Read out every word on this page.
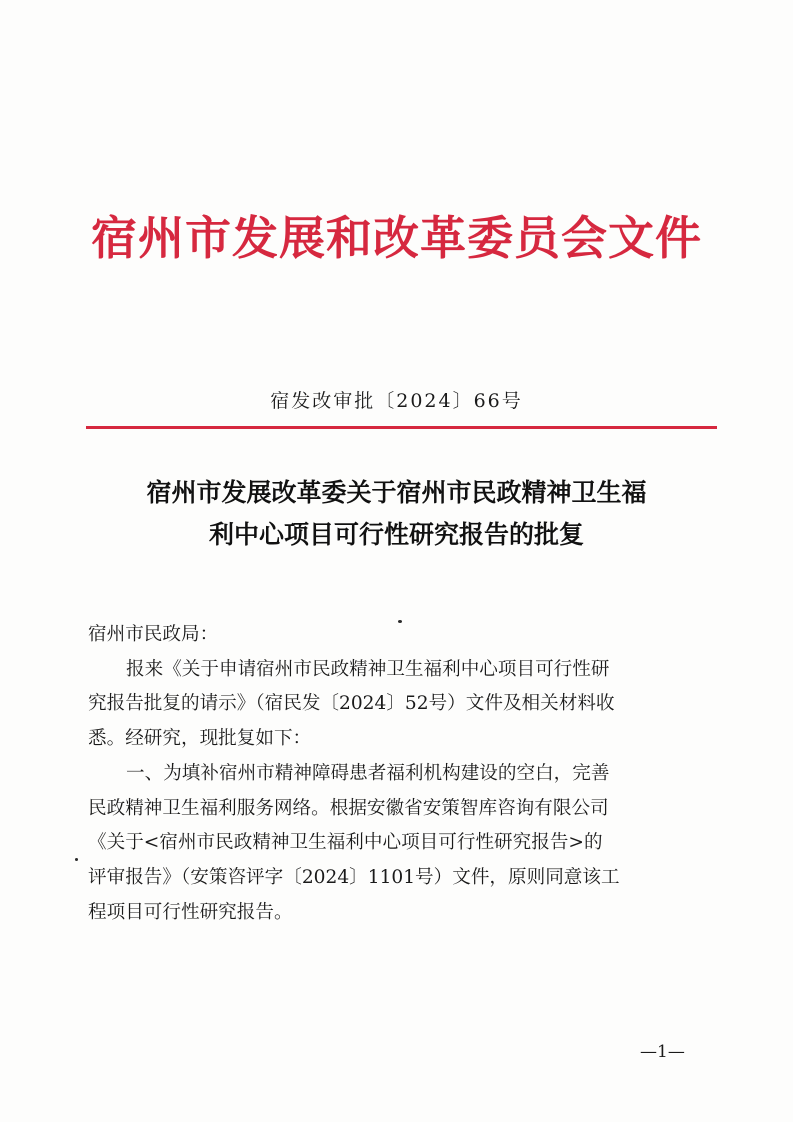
宿州市发展和改革委员会文件
宿发改审批〔2024〕66号
宿州市发展改革委关于宿州市民政精神卫生福
利中心项目可行性研究报告的批复
宿州市民政局：
报来《关于申请宿州市民政精神卫生福利中心项目可行性研
究报告批复的请示》（宿民发〔2024〕52号）文件及相关材料收
悉。经研究，现批复如下：
一、为填补宿州市精神障碍患者福利机构建设的空白，完善
民政精神卫生福利服务网络。根据安徽省安策智库咨询有限公司
《关于<宿州市民政精神卫生福利中心项目可行性研究报告>的
评审报告》（安策咨评字〔2024〕1101号）文件，原则同意该工
程项目可行性研究报告。
—1—
